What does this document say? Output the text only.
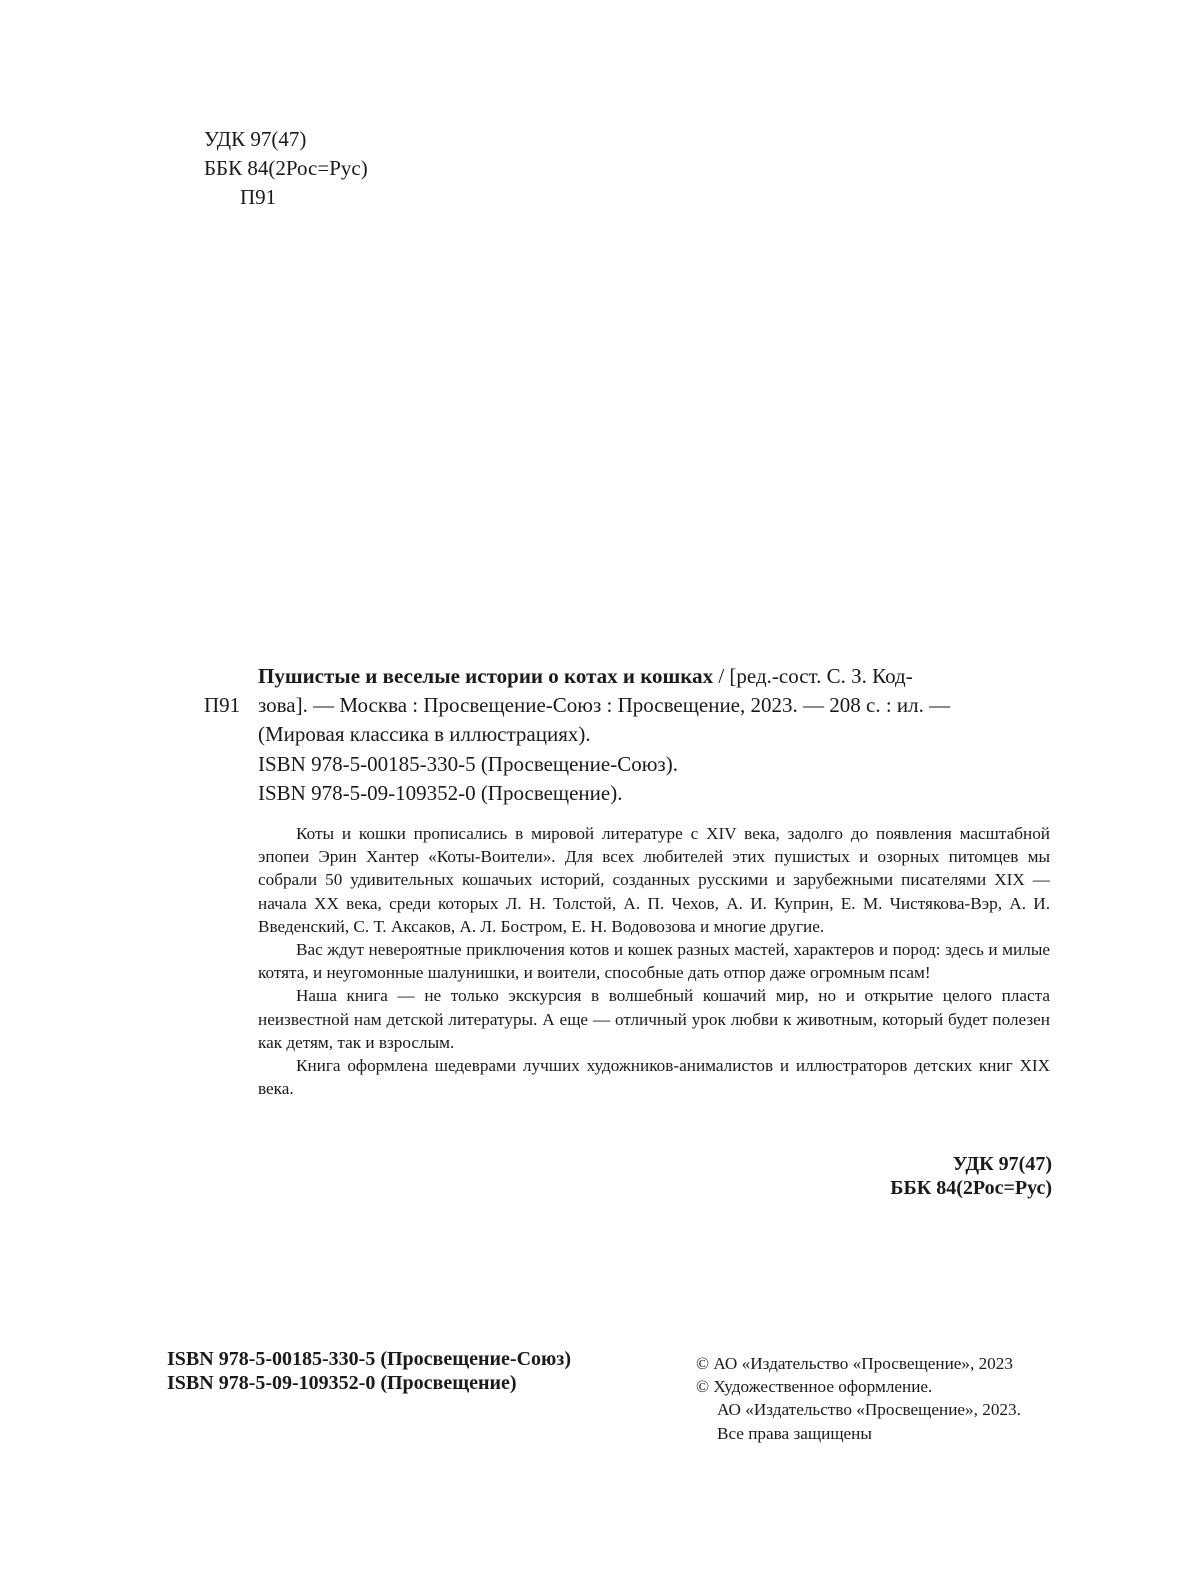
УДК 97(47)
ББК 84(2Рос=Рус)
П91
П91
Пушистые и веселые истории о котах и кошках / [ред.-сост. С. З. Код-
зова]. — Москва : Просвещение-Союз : Просвещение, 2023. — 208 с. : ил. —
(Мировая классика в иллюстрациях).
ISBN 978-5-00185-330-5 (Просвещение-Союз).
ISBN 978-5-09-109352-0 (Просвещение).

Коты и кошки прописались в мировой литературе с XIV века, задолго до появления масштабной эпопеи Эрин Хантер «Коты-Воители». Для всех любителей этих пушистых и озорных питомцев мы собрали 50 удивительных кошачьих историй, созданных русскими и зарубежными писателями XIX — начала XX века, среди которых Л. Н. Толстой, А. П. Чехов, А. И. Куприн, Е. М. Чистякова-Вэр, А. И. Введенский, С. Т. Аксаков, А. Л. Бостром, Е. Н. Водовозова и многие другие.

Вас ждут невероятные приключения котов и кошек разных мастей, характеров и пород: здесь и милые котята, и неугомонные шалунишки, и воители, способные дать отпор даже огромным псам!

Наша книга — не только экскурсия в волшебный кошачий мир, но и открытие целого пласта неизвестной нам детской литературы. А еще — отличный урок любви к животным, который будет полезен как детям, так и взрослым.

Книга оформлена шедеврами лучших художников-анималистов и иллюстраторов детских книг XIX века.

УДК 97(47)
ББК 84(2Рос=Рус)
ISBN 978-5-00185-330-5 (Просвещение-Союз)
ISBN 978-5-09-109352-0 (Просвещение)
© АО «Издательство «Просвещение», 2023
© Художественное оформление.
АО «Издательство «Просвещение», 2023.
Все права защищены
